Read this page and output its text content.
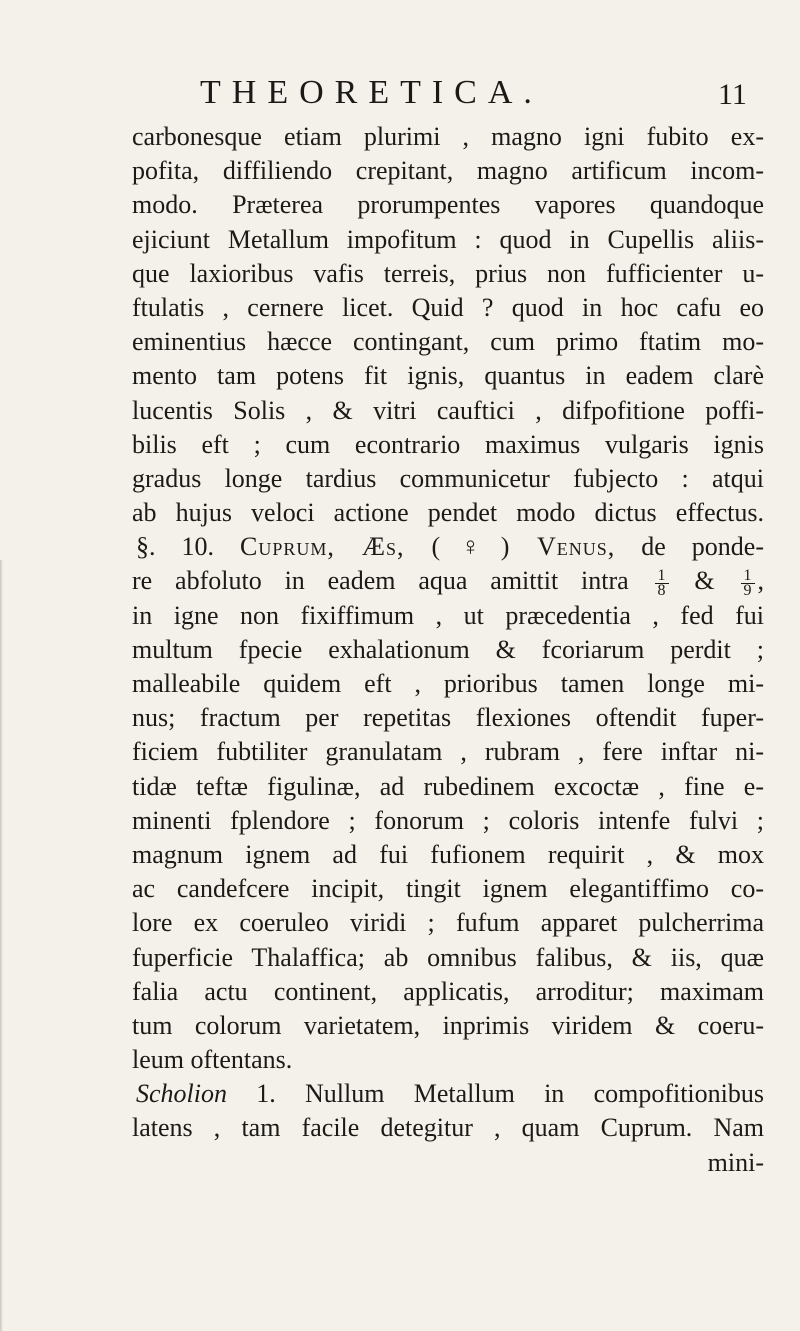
THEORETICA.	11
carbonesque etiam plurimi , magno igni fubito ex-
pofita, diffiliendo crepitant, magno artificum incom-
modo. Præterea prorumpentes vapores quandoque
ejiciunt Metallum impofitum : quod in Cupellis aliis-
que laxioribus vafis terreis, prius non fufficienter u-
ftulatis , cernere licet. Quid ? quod in hoc cafu eo
eminentius hæcce contingant, cum primo ftatim mo-
mento tam potens fit ignis, quantus in eadem clarè
lucentis Solis , & vitri cauftici , difpofitione poffi-
bilis eft ; cum econtrario maximus vulgaris ignis
gradus longe tardius communicetur fubjecto : atqui
ab hujus veloci actione pendet modo dictus effectus.
§. 10. Cuprum, Æs, (♀) Venus, de ponde-
re abfoluto in eadem aqua amittit intra $\frac{1}{8}$ & $\frac{1}{9}$ ,
in igne non fixiffimum , ut præcedentia , fed fui
multum fpecie exhalationum & fcoriarum perdit ;
malleabile quidem eft , prioribus tamen longe mi-
nus; fractum per repetitas flexiones oftendit fuper-
ficiem fubtiliter granulatam , rubram , fere inftar ni-
tidæ teftæ figulinæ, ad rubedinem excoctæ , fine e-
minenti fplendore ; fonorum ; coloris intenfe fulvi ;
magnum ignem ad fui fufionem requirit , & mox
ac candefcere incipit, tingit ignem elegantiffimo co-
lore ex coeruleo viridi ; fufum apparet pulcherrima
fuperficie Thalaffica; ab omnibus falibus, & iis, quæ
falia actu continent, applicatis, arroditur; maximam
tum colorum varietatem, inprimis viridem & coeru-
leum oftentans.
Scholion 1. Nullum Metallum in compofitionibus
latens , tam facile detegitur , quam Cuprum. Nam
mini-
